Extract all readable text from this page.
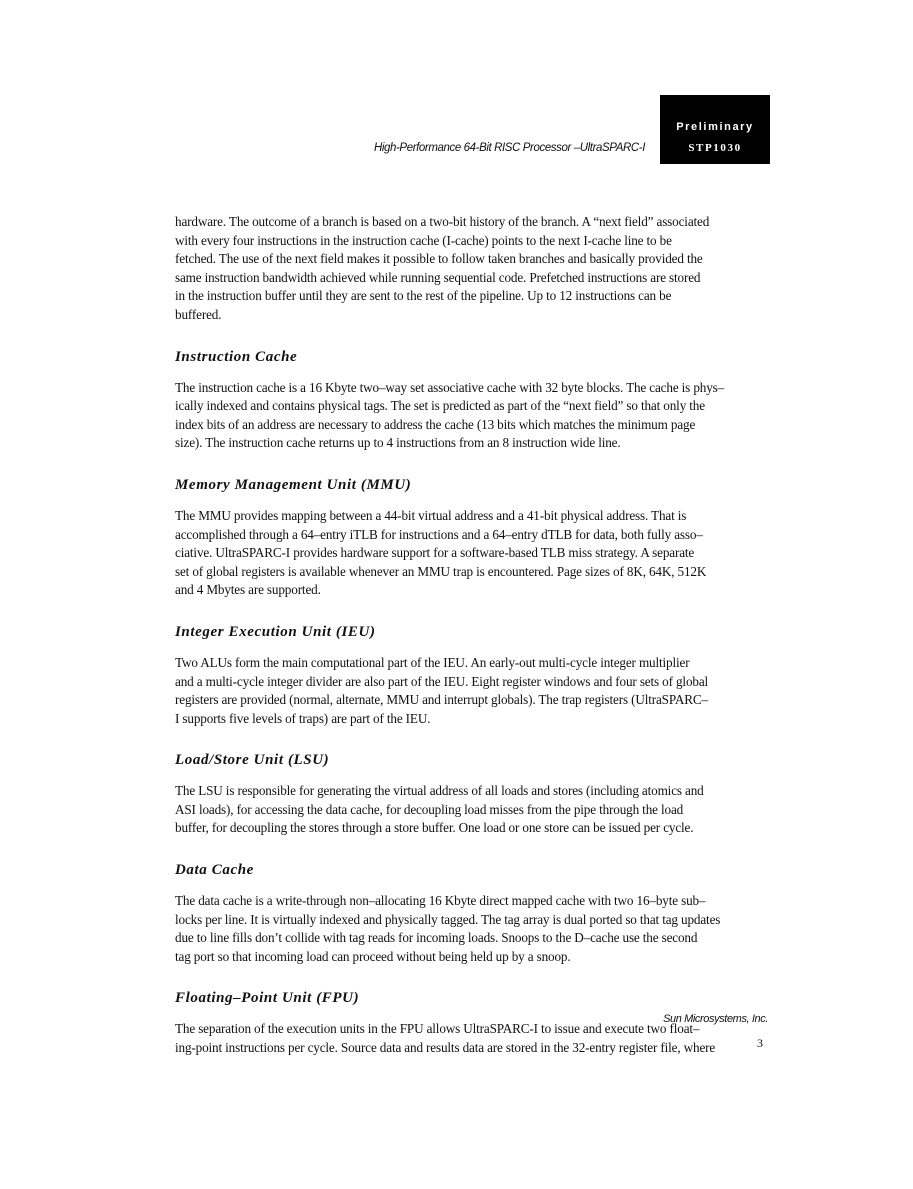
High-Performance 64-Bit RISC Processor –UltraSPARC-I
Preliminary
STP1030

hardware. The outcome of a branch is based on a two-bit history of the branch. A “next field” associated
with every four instructions in the instruction cache (I-cache) points to the next I-cache line to be
fetched. The use of the next field makes it possible to follow taken branches and basically provided the
same instruction bandwidth achieved while running sequential code. Prefetched instructions are stored
in the instruction buffer until they are sent to the rest of the pipeline. Up to 12 instructions can be
buffered.

Instruction Cache

The instruction cache is a 16 Kbyte two–way set associative cache with 32 byte blocks. The cache is phys–
ically indexed and contains physical tags. The set is predicted as part of the “next field” so that only the
index bits of an address are necessary to address the cache (13 bits which matches the minimum page
size). The instruction cache returns up to 4 instructions from an 8 instruction wide line.

Memory Management Unit (MMU)

The MMU provides mapping between a 44-bit virtual address and a 41-bit physical address. That is
accomplished through a 64–entry iTLB for instructions and a 64–entry dTLB for data, both fully asso–
ciative. UltraSPARC-I provides hardware support for a software-based TLB miss strategy. A separate
set of global registers is available whenever an MMU trap is encountered. Page sizes of 8K, 64K, 512K
and 4 Mbytes are supported.

Integer Execution Unit (IEU)

Two ALUs form the main computational part of the IEU. An early-out multi-cycle integer multiplier
and a multi-cycle integer divider are also part of the IEU. Eight register windows and four sets of global
registers are provided (normal, alternate, MMU and interrupt globals). The trap registers (UltraSPARC–
I supports five levels of traps) are part of the IEU.

Load/Store Unit (LSU)

The LSU is responsible for generating the virtual address of all loads and stores (including atomics and
ASI loads), for accessing the data cache, for decoupling load misses from the pipe through the load
buffer, for decoupling the stores through a store buffer. One load or one store can be issued per cycle.

Data Cache

The data cache is a write-through non–allocating 16 Kbyte direct mapped cache with two 16–byte sub–
locks per line. It is virtually indexed and physically tagged. The tag array is dual ported so that tag updates
due to line fills don’t collide with tag reads for incoming loads. Snoops to the D–cache use the second
tag port so that incoming load can proceed without being held up by a snoop.

Floating–Point Unit (FPU)

The separation of the execution units in the FPU allows UltraSPARC-I to issue and execute two float–
ing-point instructions per cycle. Source data and results data are stored in the 32-entry register file, where

Sun Microsystems, Inc.
3
